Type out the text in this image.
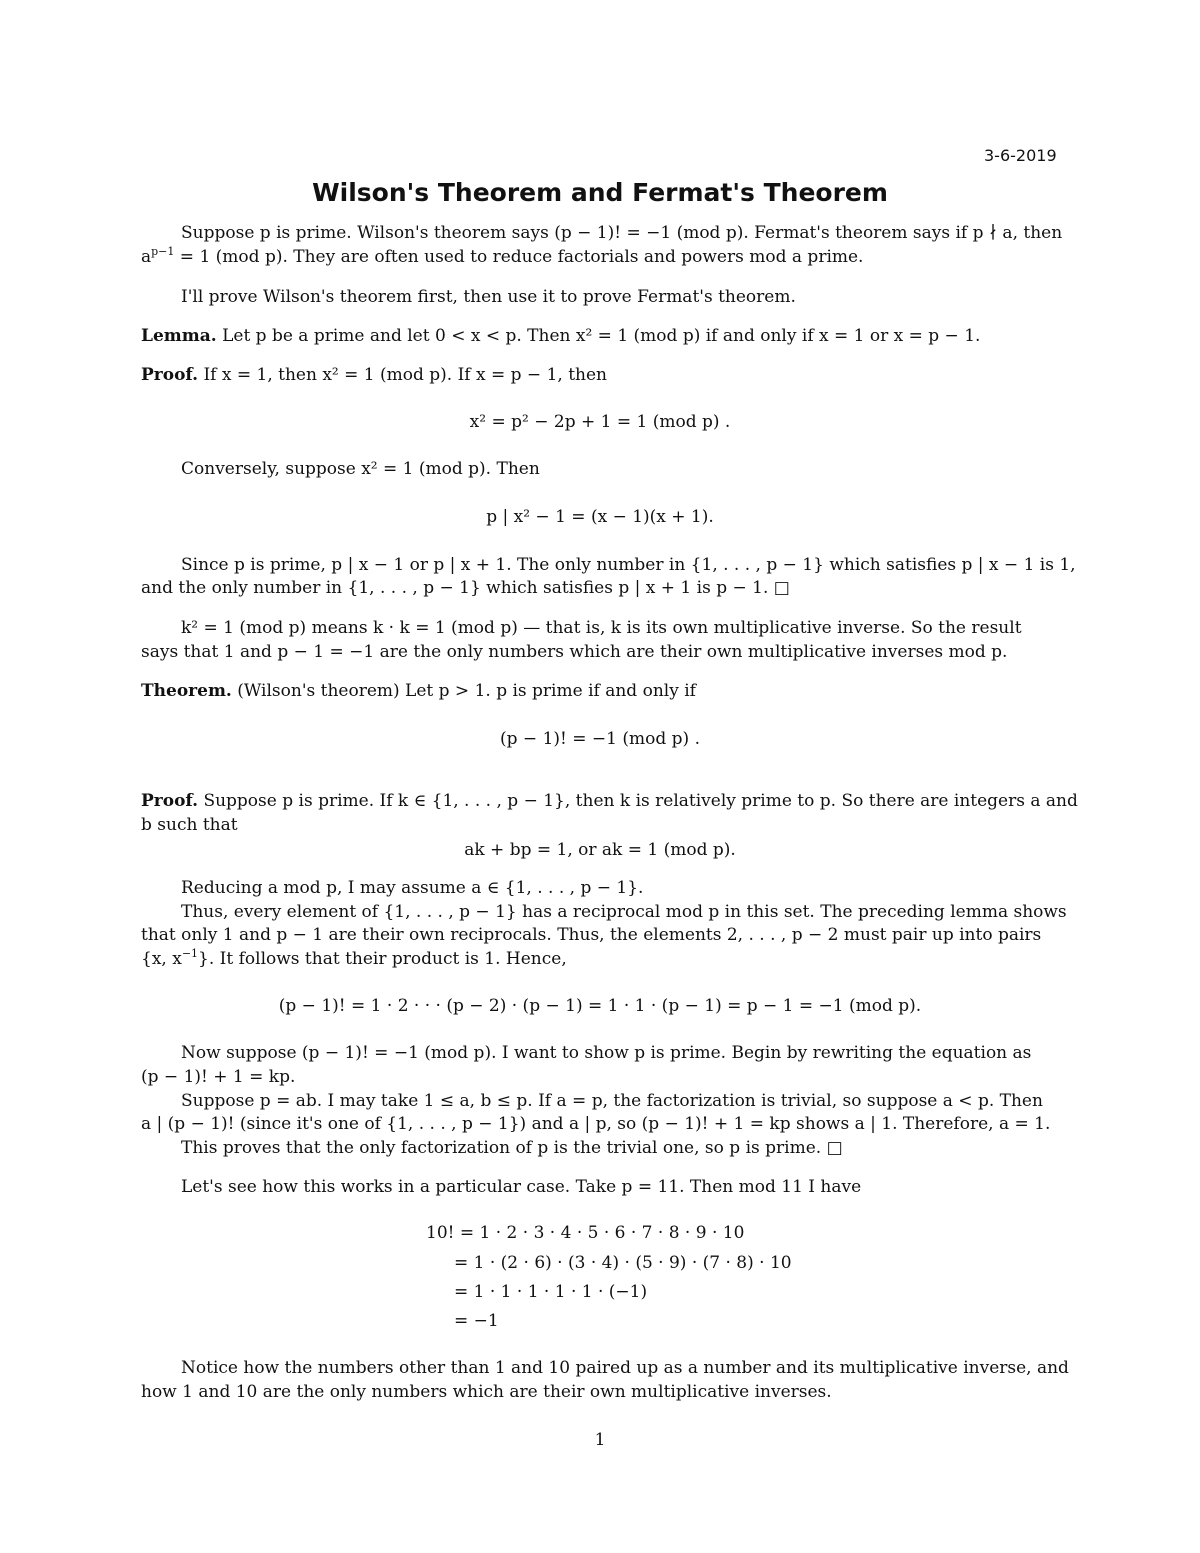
3-6-2019
Wilson's Theorem and Fermat's Theorem
Suppose p is prime. Wilson's theorem says (p − 1)! = −1 (mod p). Fermat's theorem says if p ∤ a, then
$a^{p-1} = 1$ (mod p). They are often used to reduce factorials and powers mod a prime.
I'll prove Wilson's theorem first, then use it to prove Fermat's theorem.
Lemma. Let p be a prime and let 0 < x < p. Then x² = 1 (mod p) if and only if x = 1 or x = p − 1.
Proof. If x = 1, then x² = 1 (mod p). If x = p − 1, then
x² = p² − 2p + 1 = 1 (mod p) .
Conversely, suppose x² = 1 (mod p). Then
p | x² − 1 = (x − 1)(x + 1).
Since p is prime, p | x − 1 or p | x + 1. The only number in {1, . . . , p − 1} which satisfies p | x − 1 is 1,
and the only number in {1, . . . , p − 1} which satisfies p | x + 1 is p − 1. □
k² = 1 (mod p) means k · k = 1 (mod p) — that is, k is its own multiplicative inverse. So the result
says that 1 and p − 1 = −1 are the only numbers which are their own multiplicative inverses mod p.
Theorem. (Wilson's theorem) Let p > 1. p is prime if and only if
(p − 1)! = −1 (mod p) .
Proof. Suppose p is prime. If k ∈ {1, . . . , p − 1}, then k is relatively prime to p. So there are integers a and
b such that
ak + bp = 1, or ak = 1 (mod p).
Reducing a mod p, I may assume a ∈ {1, . . . , p − 1}.
Thus, every element of {1, . . . , p − 1} has a reciprocal mod p in this set. The preceding lemma shows
that only 1 and p − 1 are their own reciprocals. Thus, the elements 2, . . . , p − 2 must pair up into pairs
{x, $x^{-1}$}. It follows that their product is 1. Hence,
(p − 1)! = 1 · 2 · · · (p − 2) · (p − 1) = 1 · 1 · (p − 1) = p − 1 = −1 (mod p).
Now suppose (p − 1)! = −1 (mod p). I want to show p is prime. Begin by rewriting the equation as
(p − 1)! + 1 = kp.
Suppose p = ab. I may take 1 ≤ a, b ≤ p. If a = p, the factorization is trivial, so suppose a < p. Then
a | (p − 1)! (since it's one of {1, . . . , p − 1}) and a | p, so (p − 1)! + 1 = kp shows a | 1. Therefore, a = 1.
This proves that the only factorization of p is the trivial one, so p is prime. □
Let's see how this works in a particular case. Take p = 11. Then mod 11 I have
10! = 1 · 2 · 3 · 4 · 5 · 6 · 7 · 8 · 9 · 10
= 1 · (2 · 6) · (3 · 4) · (5 · 9) · (7 · 8) · 10
= 1 · 1 · 1 · 1 · 1 · (−1)
= −1
Notice how the numbers other than 1 and 10 paired up as a number and its multiplicative inverse, and
how 1 and 10 are the only numbers which are their own multiplicative inverses.
1
